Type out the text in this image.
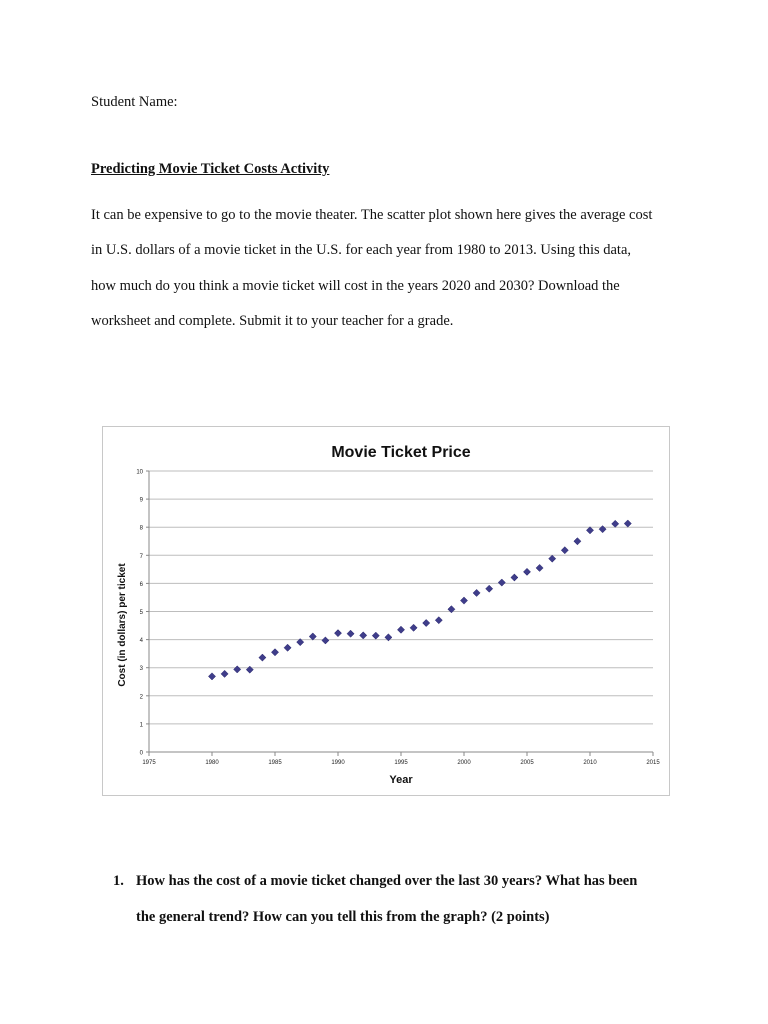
Student Name:
Predicting Movie Ticket Costs Activity

It can be expensive to go to the movie theater. The scatter plot shown here gives the average cost

in U.S. dollars of a movie ticket in the U.S. for each year from 1980 to 2013. Using this data,

how much do you think a movie ticket will cost in the years 2020 and 2030? Download the

worksheet and complete. Submit it to your teacher for a grade.

Movie Ticket Price
Year
Cost (in dollars) per ticket
0
1
2
3
4
5
6
7
8
9
10
1975	1980	1985	1990	1995	2000	2005	2010	2015
1. How has the cost of a movie ticket changed over the last 30 years? What has been
the general trend? How can you tell this from the graph? (2 points)
